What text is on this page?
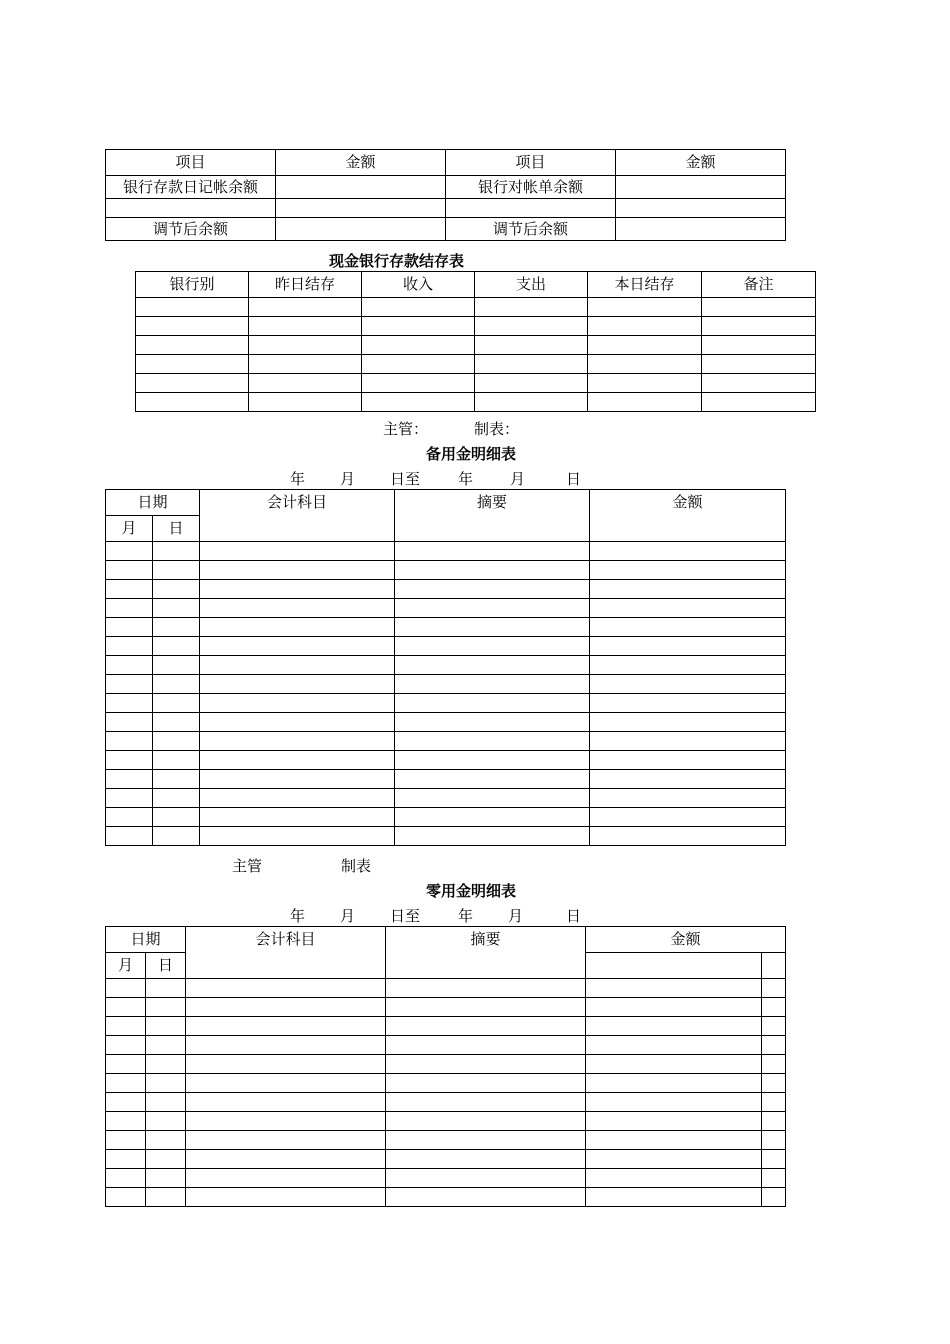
项目	金额	项目	金额
银行存款日记帐余额		银行对帐单余额	

调节后余额		调节后余额	
现金银行存款结存表
银行别	昨日结存	收入	支出	本日结存	备注

主管：	制表：
备用金明细表
年 月 日至	年 月	日
日期		会计科目	摘要	金额
月	日			

主管	制表
零用金明细表
年 月 日至	年 月	日
日期		会计科目	摘要	金额	
月	日				
